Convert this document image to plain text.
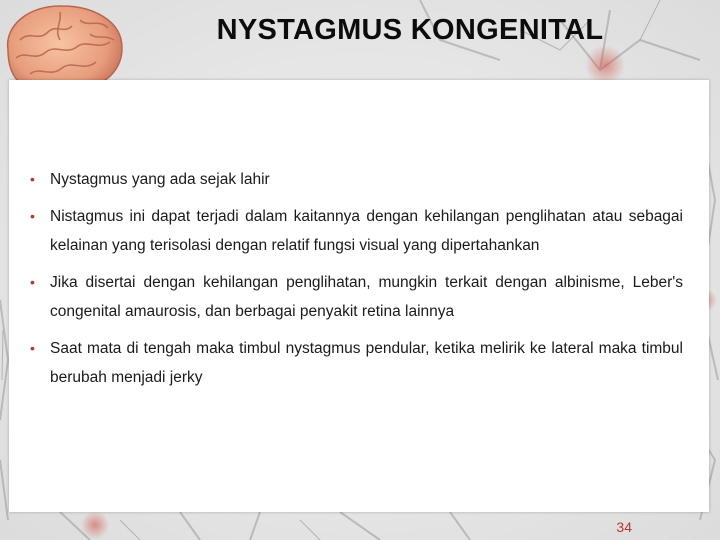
NYSTAGMUS KONGENITAL
• Nystagmus yang ada sejak lahir
• Nistagmus ini dapat terjadi dalam kaitannya dengan kehilangan penglihatan atau sebagai kelainan yang terisolasi dengan relatif fungsi visual yang dipertahankan
• Jika disertai dengan kehilangan penglihatan, mungkin terkait dengan albinisme, Leber's congenital amaurosis, dan berbagai penyakit retina lainnya
• Saat mata di tengah maka timbul nystagmus pendular, ketika melirik ke lateral maka timbul berubah menjadi jerky
34
